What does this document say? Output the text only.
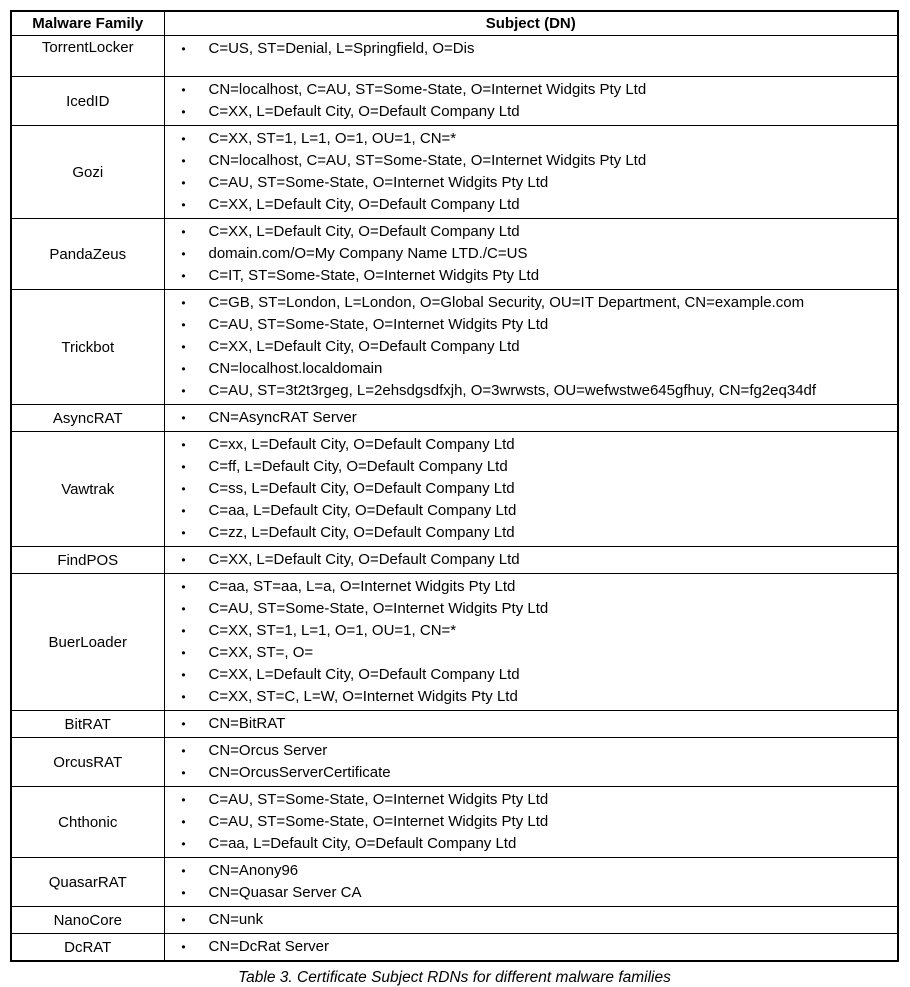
Malware Family	Subject (DN)
TorrentLocker	• C=US, ST=Denial, L=Springfield, O=Dis

IcedID	
• CN=localhost, C=AU, ST=Some-State, O=Internet Widgits Pty Ltd
• C=XX, L=Default City, O=Default Company Ltd

Gozi	
• C=XX, ST=1, L=1, O=1, OU=1, CN=*
• CN=localhost, C=AU, ST=Some-State, O=Internet Widgits Pty Ltd
• C=AU, ST=Some-State, O=Internet Widgits Pty Ltd
• C=XX, L=Default City, O=Default Company Ltd

PandaZeus	
• C=XX, L=Default City, O=Default Company Ltd
• domain.com/O=My Company Name LTD./C=US
• C=IT, ST=Some-State, O=Internet Widgits Pty Ltd

Trickbot	
• C=GB, ST=London, L=London, O=Global Security, OU=IT Department, CN=example.com
• C=AU, ST=Some-State, O=Internet Widgits Pty Ltd
• C=XX, L=Default City, O=Default Company Ltd
• CN=localhost.localdomain
• C=AU, ST=3t2t3rgeg, L=2ehsdgsdfxjh, O=3wrwsts, OU=wefwstwe645gfhuy, CN=fg2eq34df

AsyncRAT	• CN=AsyncRAT Server

Vawtrak	
• C=xx, L=Default City, O=Default Company Ltd
• C=ff, L=Default City, O=Default Company Ltd
• C=ss, L=Default City, O=Default Company Ltd
• C=aa, L=Default City, O=Default Company Ltd
• C=zz, L=Default City, O=Default Company Ltd

FindPOS	• C=XX, L=Default City, O=Default Company Ltd

BuerLoader	
• C=aa, ST=aa, L=a, O=Internet Widgits Pty Ltd
• C=AU, ST=Some-State, O=Internet Widgits Pty Ltd
• C=XX, ST=1, L=1, O=1, OU=1, CN=*
• C=XX, ST=, O=
• C=XX, L=Default City, O=Default Company Ltd
• C=XX, ST=C, L=W, O=Internet Widgits Pty Ltd

BitRAT	• CN=BitRAT

OrcusRAT	
• CN=Orcus Server
• CN=OrcusServerCertificate

Chthonic	
• C=AU, ST=Some-State, O=Internet Widgits Pty Ltd
• C=AU, ST=Some-State, O=Internet Widgits Pty Ltd
• C=aa, L=Default City, O=Default Company Ltd

QuasarRAT	
• CN=Anony96
• CN=Quasar Server CA

NanoCore	• CN=unk

DcRAT	• CN=DcRat Server
Table 3. Certificate Subject RDNs for different malware families
